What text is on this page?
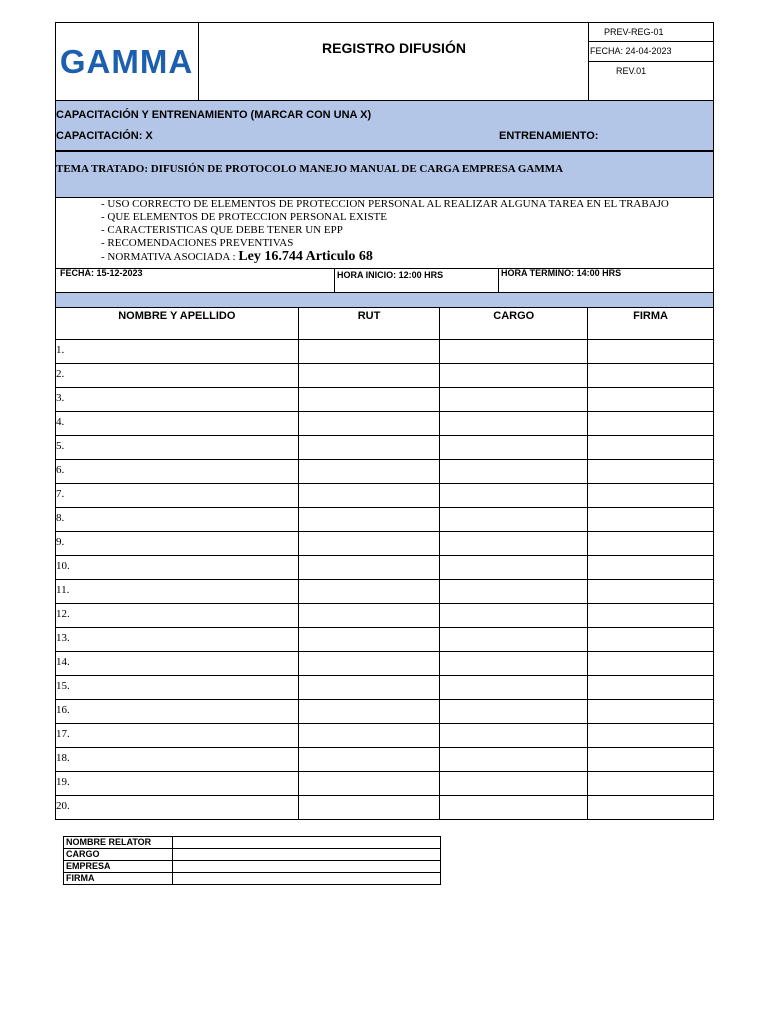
GAMMA	REGISTRO DIFUSIÓN
PREV-REG-01
FECHA: 24-04-2023
REV.01
CAPACITACIÓN Y ENTRENAMIENTO (MARCAR CON UNA X)
CAPACITACIÓN: X	ENTRENAMIENTO:
TEMA TRATADO: DIFUSIÓN DE PROTOCOLO MANEJO MANUAL DE CARGA EMPRESA GAMMA
- USO CORRECTO DE ELEMENTOS DE PROTECCION PERSONAL AL REALIZAR ALGUNA TAREA EN EL TRABAJO
- QUE ELEMENTOS DE PROTECCION PERSONAL EXISTE
- CARACTERISTICAS QUE DEBE TENER UN EPP
- RECOMENDACIONES PREVENTIVAS
- NORMATIVA ASOCIADA : Ley 16.744 Articulo 68
FECHA: 15-12-2023	HORA INICIO: 12:00 HRS	HORA TERMINO: 14:00 HRS
NOMBRE Y APELLIDO	RUT	CARGO	FIRMA
1.			
2.			
3.			
4.			
5.			
6.			
7.			
8.			
9.			
10.			
11.			
12.			
13.			
14.			
15.			
16.			
17.			
18.			
19.			
20.			
NOMBRE RELATOR	
CARGO	
EMPRESA	
FIRMA	
